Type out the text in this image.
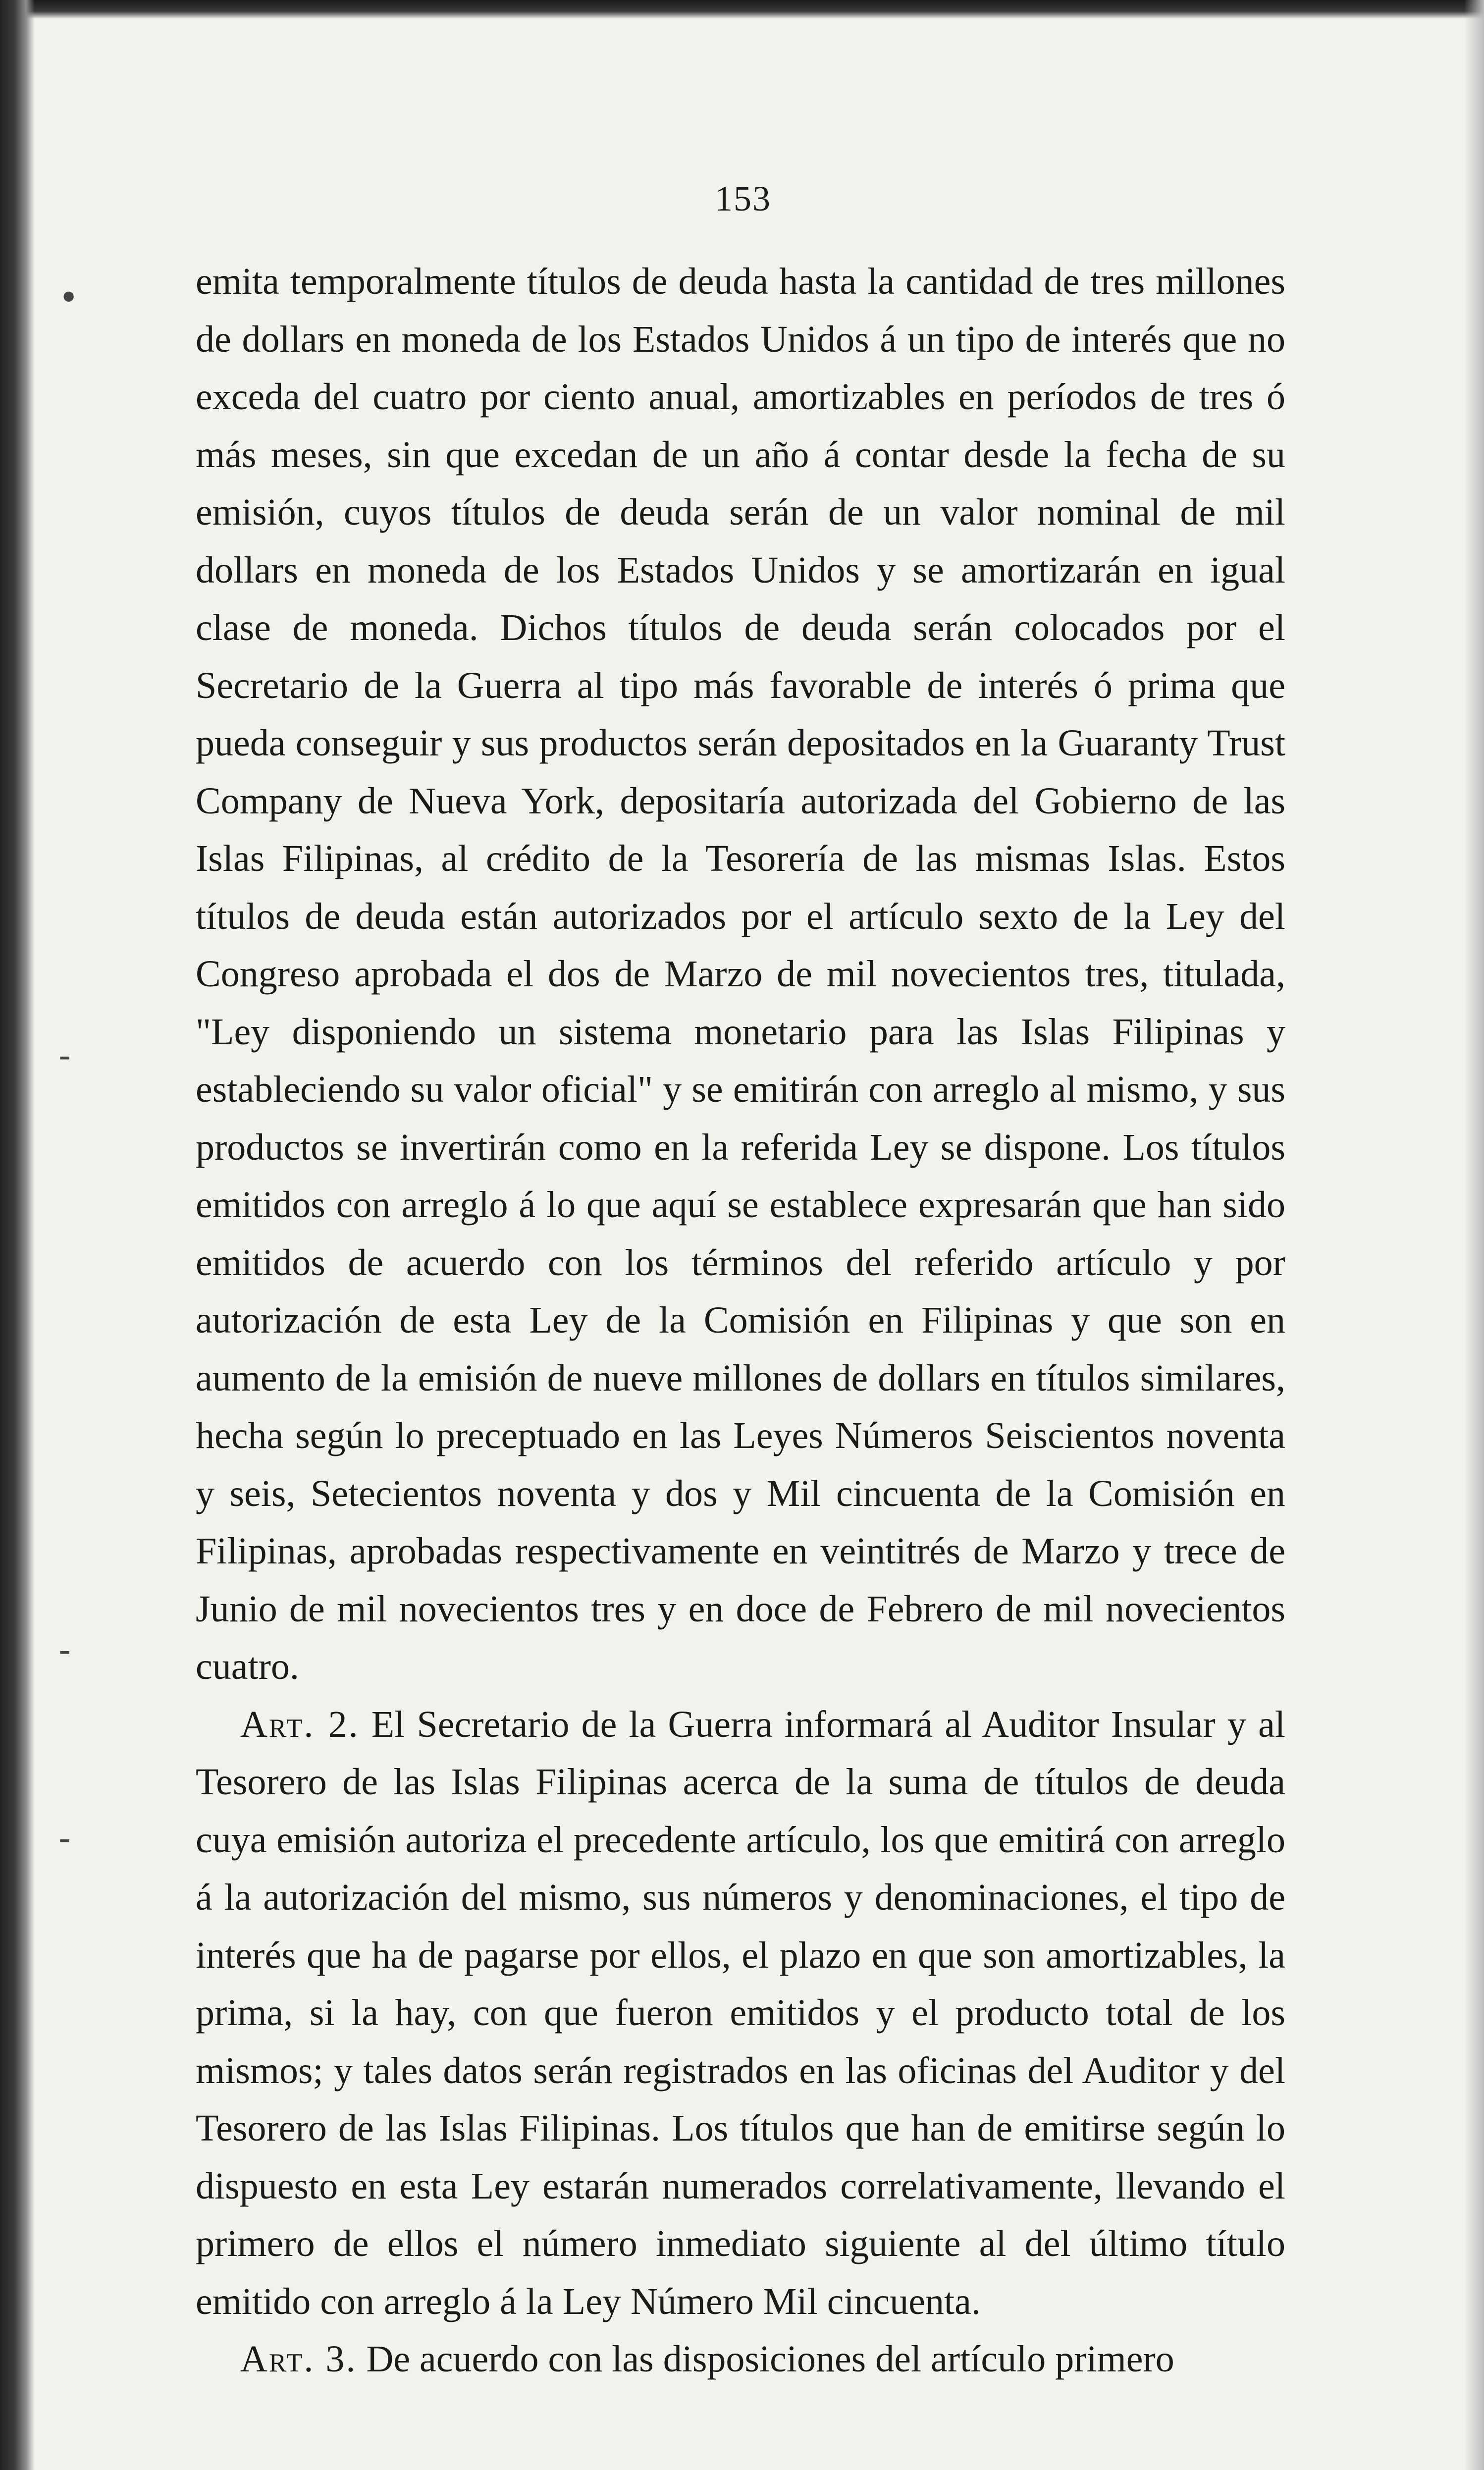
153
•
-
-
-

emita temporalmente títulos de deuda hasta la cantidad de tres millones de dollars en moneda de los Estados Unidos á un tipo de interés que no exceda del cuatro por ciento anual, amortizables en períodos de tres ó más meses, sin que excedan de un año á contar desde la fecha de su emisión, cuyos títulos de deuda serán de un valor nominal de mil dollars en moneda de los Estados Unidos y se amortizarán en igual clase de moneda. Dichos títulos de deuda serán colocados por el Secretario de la Guerra al tipo más favorable de interés ó prima que pueda conseguir y sus productos serán depositados en la Guaranty Trust Company de Nueva York, depositaría autorizada del Gobierno de las Islas Filipinas, al crédito de la Tesorería de las mismas Islas. Estos títulos de deuda están autorizados por el artículo sexto de la Ley del Congreso aprobada el dos de Marzo de mil novecientos tres, titulada, "Ley disponiendo un sistema monetario para las Islas Filipinas y estableciendo su valor oficial" y se emitirán con arreglo al mismo, y sus productos se invertirán como en la referida Ley se dispone. Los títulos emitidos con arreglo á lo que aquí se establece expresarán que han sido emitidos de acuerdo con los términos del referido artículo y por autorización de esta Ley de la Comisión en Filipinas y que son en aumento de la emisión de nueve millones de dollars en títulos similares, hecha según lo preceptuado en las Leyes Números Seiscientos noventa y seis, Setecientos noventa y dos y Mil cincuenta de la Comisión en Filipinas, aprobadas respectivamente en veintitrés de Marzo y trece de Junio de mil novecientos tres y en doce de Febrero de mil novecientos cuatro.

Art. 2. El Secretario de la Guerra informará al Auditor Insular y al Tesorero de las Islas Filipinas acerca de la suma de títulos de deuda cuya emisión autoriza el precedente artículo, los que emitirá con arreglo á la autorización del mismo, sus números y denominaciones, el tipo de interés que ha de pagarse por ellos, el plazo en que son amortizables, la prima, si la hay, con que fueron emitidos y el producto total de los mismos; y tales datos serán registrados en las oficinas del Auditor y del Tesorero de las Islas Filipinas. Los títulos que han de emitirse según lo dispuesto en esta Ley estarán numerados correlativamente, llevando el primero de ellos el número inmediato siguiente al del último título emitido con arreglo á la Ley Número Mil cincuenta.

Art. 3. De acuerdo con las disposiciones del artículo primero
